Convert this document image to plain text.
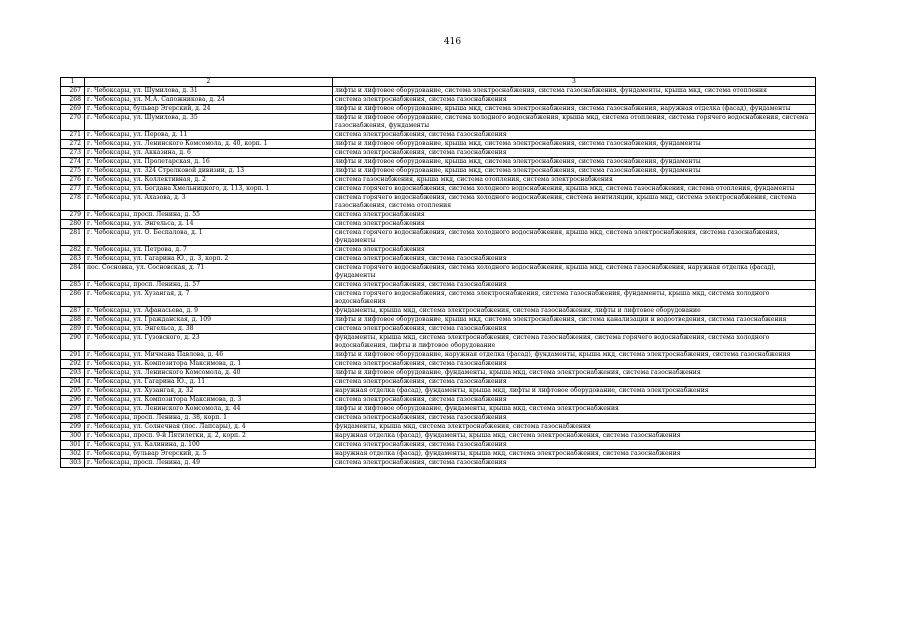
416
1	2	3
267	г. Чебоксары, ул. Шумилова, д. 31	лифты и лифтовое оборудование, система электроснабжения, система газоснабжения, фундаменты, крыша мкд, система отопления
268	г. Чебоксары, ул. М.А. Сапожникова, д. 24	система электроснабжения, система газоснабжения
269	г. Чебоксары, бульвар Эгерский, д. 24	лифты и лифтовое оборудование, крыша мкд, система электроснабжения, система газоснабжения, наружная отделка (фасад), фундаменты
270	г. Чебоксары, ул. Шумилова, д. 35	лифты и лифтовое оборудование, система холодного водоснабжения, крыша мкд, система отопления, система горячего водоснабжения, система газоснабжения, фундаменты
271	г. Чебоксары, ул. Перова, д. 11	система электроснабжения, система газоснабжения
272	г. Чебоксары, ул. Ленинского Комсомола, д. 40, корп. 1	лифты и лифтовое оборудование, крыша мкд, система электроснабжения, система газоснабжения, фундаменты
273	г. Чебоксары, ул. Акказина, д. 6	система электроснабжения, система газоснабжения
274	г. Чебоксары, ул. Пролетарская, д. 16	лифты и лифтовое оборудование, крыша мкд, система электроснабжения, система газоснабжения, фундаменты
275	г. Чебоксары, ул. 324 Стрелковой дивизии, д. 13	лифты и лифтовое оборудование, крыша мкд, система электроснабжения, система газоснабжения, фундаменты
276	г. Чебоксары, ул. Коллективная, д. 2	система газоснабжения, крыша мкд, система отопления, система электроснабжения
277	г. Чебоксары, ул. Богдана Хмельницкого, д. 113, корп. 1	система горячего водоснабжения, система холодного водоснабжения, крыша мкд, система газоснабжения, система отопления, фундаменты
278	г. Чебоксары, ул. Ахазова, д. 3	система горячего водоснабжения, система холодного водоснабжения, система вентиляции, крыша мкд, система электроснабжения, система газоснабжения, система отопления
279	г. Чебоксары, просп. Ленина, д. 55	система электроснабжения
280	г. Чебоксары, ул. Энгельса, д. 14	система электроснабжения
281	г. Чебоксары, ул. О. Беспалова, д. 1	система горячего водоснабжения, система холодного водоснабжения, крыша мкд, система электроснабжения, система газоснабжения, фундаменты
282	г. Чебоксары, ул. Петрова, д. 7	система электроснабжения
283	г. Чебоксары, ул. Гагарина Ю., д. 3, корп. 2	система электроснабжения, система газоснабжения
284	пос. Сосновка, ул. Сосновская, д. 71	система горячего водоснабжения, система холодного водоснабжения, крыша мкд, система газоснабжения, наружная отделка (фасад), фундаменты
285	г. Чебоксары, просп. Ленина, д. 57	система электроснабжения, система газоснабжения
286	г. Чебоксары, ул. Хузангая, д. 7	система горячего водоснабжения, система электроснабжения, система газоснабжения, фундаменты, крыша мкд, система холодного водоснабжения
287	г. Чебоксары, ул. Афанасьева, д. 9	фундаменты, крыша мкд, система электроснабжения, система газоснабжения, лифты и лифтовое оборудование
288	г. Чебоксары, ул. Гражданская, д. 109	лифты и лифтовое оборудование, крыша мкд, система электроснабжения, система канализации и водоотведения, система газоснабжения
289	г. Чебоксары, ул. Энгельса, д. 38	система электроснабжения, система газоснабжения
290	г. Чебоксары, ул. Гузовского, д. 23	фундаменты, крыша мкд, система электроснабжения, система газоснабжения, система горячего водоснабжения, система холодного водоснабжения, лифты и лифтовое оборудование
291	г. Чебоксары, ул. Мичмана Павлова, д. 46	лифты и лифтовое оборудование, наружная отделка (фасад), фундаменты, крыша мкд, система электроснабжения, система газоснабжения
292	г. Чебоксары, ул. Композитора Максимова, д. 1	система электроснабжения, система газоснабжения
293	г. Чебоксары, ул. Ленинского Комсомола, д. 40	лифты и лифтовое оборудование, фундаменты, крыша мкд, система электроснабжения, система газоснабжения
294	г. Чебоксары, ул. Гагарина Ю., д. 11	система электроснабжения, система газоснабжения
295	г. Чебоксары, ул. Хузангая, д. 32	наружная отделка (фасад), фундаменты, крыша мкд, лифты и лифтовое оборудование, система электроснабжения
296	г. Чебоксары, ул. Композитора Максимова, д. 3	система электроснабжения, система газоснабжения
297	г. Чебоксары, ул. Ленинского Комсомола, д. 44	лифты и лифтовое оборудование, фундаменты, крыша мкд, система электроснабжения
298	г. Чебоксары, просп. Ленина, д. 38, корп. 1	система электроснабжения, система газоснабжения
299	г. Чебоксары, ул. Солнечная (пос. Лапсары), д. 4	фундаменты, крыша мкд, система электроснабжения, система газоснабжения
300	г. Чебоксары, просп. 9-й Пятилетки, д. 2, корп. 2	наружная отделка (фасад), фундаменты, крыша мкд, система электроснабжения, система газоснабжения
301	г. Чебоксары, ул. Калинина, д. 100	система электроснабжения, система газоснабжения
302	г. Чебоксары, бульвар Эгерский, д. 5	наружная отделка (фасад), фундаменты, крыша мкд, система электроснабжения, система газоснабжения
303	г. Чебоксары, просп. Ленина, д. 49	система электроснабжения, система газоснабжения
